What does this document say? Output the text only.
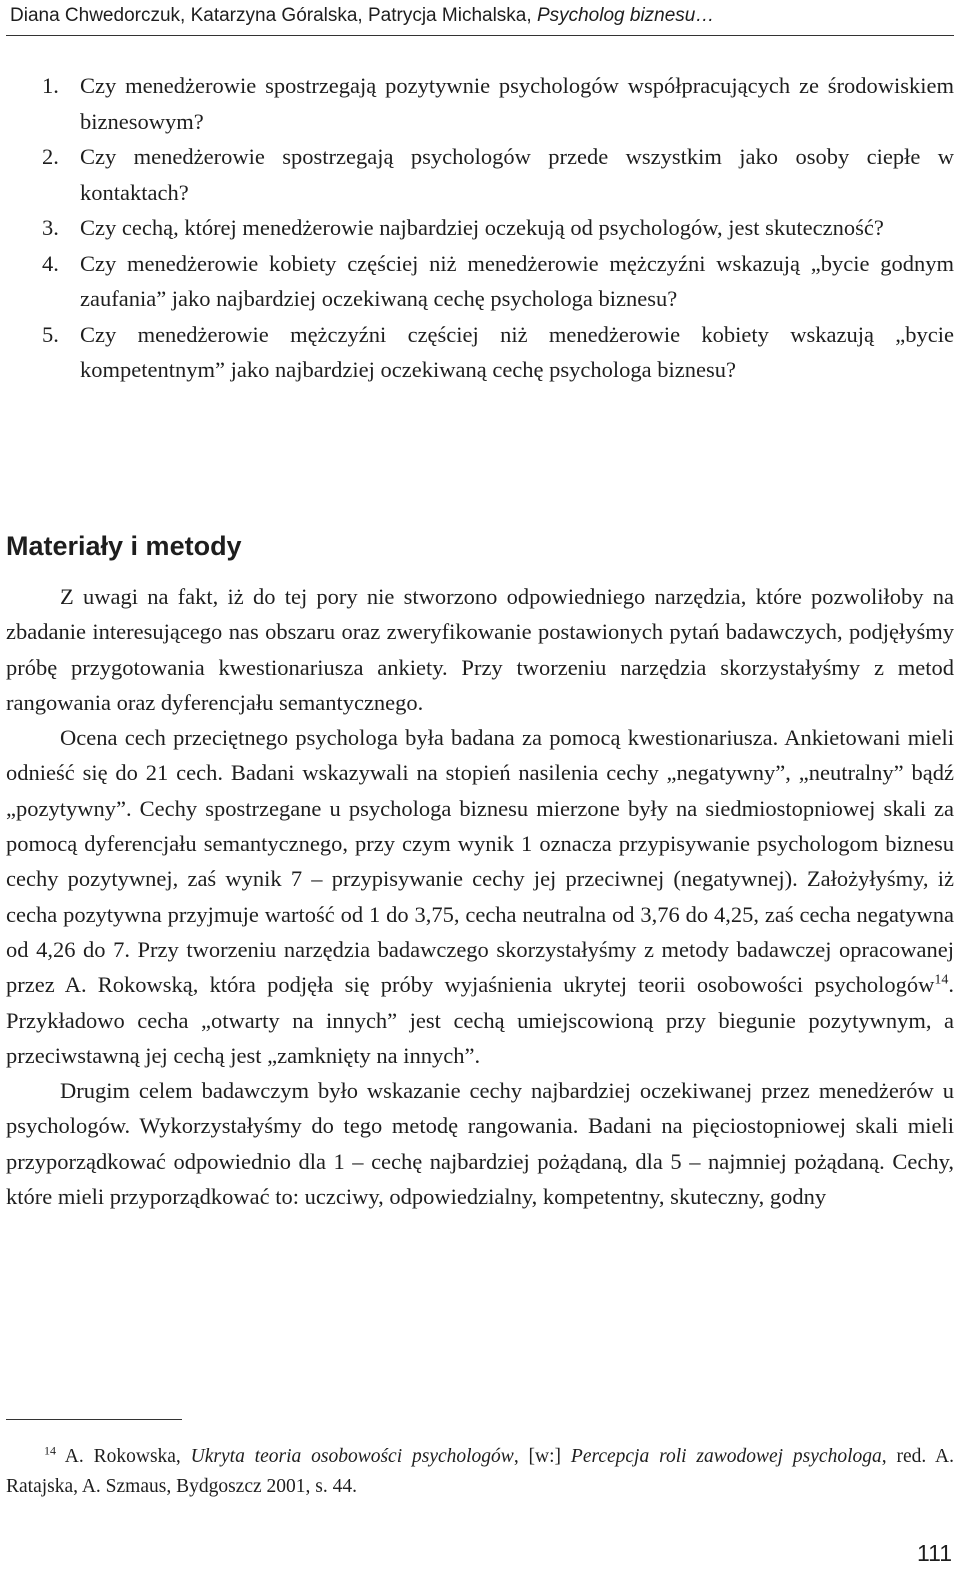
Diana Chwedorczuk, Katarzyna Góralska, Patrycja Michalska, Psycholog biznesu…
1. Czy menedżerowie spostrzegają pozytywnie psychologów współpracujących ze środowiskiem biznesowym?
2. Czy menedżerowie spostrzegają psychologów przede wszystkim jako osoby ciepłe w kontaktach?
3. Czy cechą, której menedżerowie najbardziej oczekują od psychologów, jest skuteczność?
4. Czy menedżerowie kobiety częściej niż menedżerowie mężczyźni wskazują „bycie godnym zaufania” jako najbardziej oczekiwaną cechę psychologa biznesu?
5. Czy menedżerowie mężczyźni częściej niż menedżerowie kobiety wskazują „bycie kompetentnym” jako najbardziej oczekiwaną cechę psychologa biznesu?
Materiały i metody

Z uwagi na fakt, iż do tej pory nie stworzono odpowiedniego narzędzia, które pozwoliłoby na zbadanie interesującego nas obszaru oraz zweryfikowanie postawionych pytań badawczych, podjęłyśmy próbę przygotowania kwestionariusza ankiety. Przy tworzeniu narzędzia skorzystałyśmy z metod rangowania oraz dyferencjału semantycznego.

Ocena cech przeciętnego psychologa była badana za pomocą kwestionariusza. Ankietowani mieli odnieść się do 21 cech. Badani wskazywali na stopień nasilenia cechy „negatywny”, „neutralny” bądź „pozytywny”. Cechy spostrzegane u psychologa biznesu mierzone były na siedmiostopniowej skali za pomocą dyferencjału semantycznego, przy czym wynik 1 oznacza przypisywanie psychologom biznesu cechy pozytywnej, zaś wynik 7 – przypisywanie cechy jej przeciwnej (negatywnej). Założyłyśmy, iż cecha pozytywna przyjmuje wartość od 1 do 3,75, cecha neutralna od 3,76 do 4,25, zaś cecha negatywna od 4,26 do 7. Przy tworzeniu narzędzia badawczego skorzystałyśmy z metody badawczej opracowanej przez A. Rokowską, która podjęła się próby wyjaśnienia ukrytej teorii osobowości psychologów$^{14}$. Przykładowo cecha „otwarty na innych” jest cechą umiejscowioną przy biegunie pozytywnym, a przeciwstawną jej cechą jest „zamknięty na innych”.

Drugim celem badawczym było wskazanie cechy najbardziej oczekiwanej przez menedżerów u psychologów. Wykorzystałyśmy do tego metodę rangowania. Badani na pięciostopniowej skali mieli przyporządkować odpowiednio dla 1 – cechę najbardziej pożądaną, dla 5 – najmniej pożądaną. Cechy, które mieli przyporządkować to: uczciwy, odpowiedzialny, kompetentny, skuteczny, godny

$^{14}$ A. Rokowska, Ukryta teoria osobowości psychologów, [w:] Percepcja roli zawodowej psychologa, red. A. Ratajska, A. Szmaus, Bydgoszcz 2001, s. 44.

111
